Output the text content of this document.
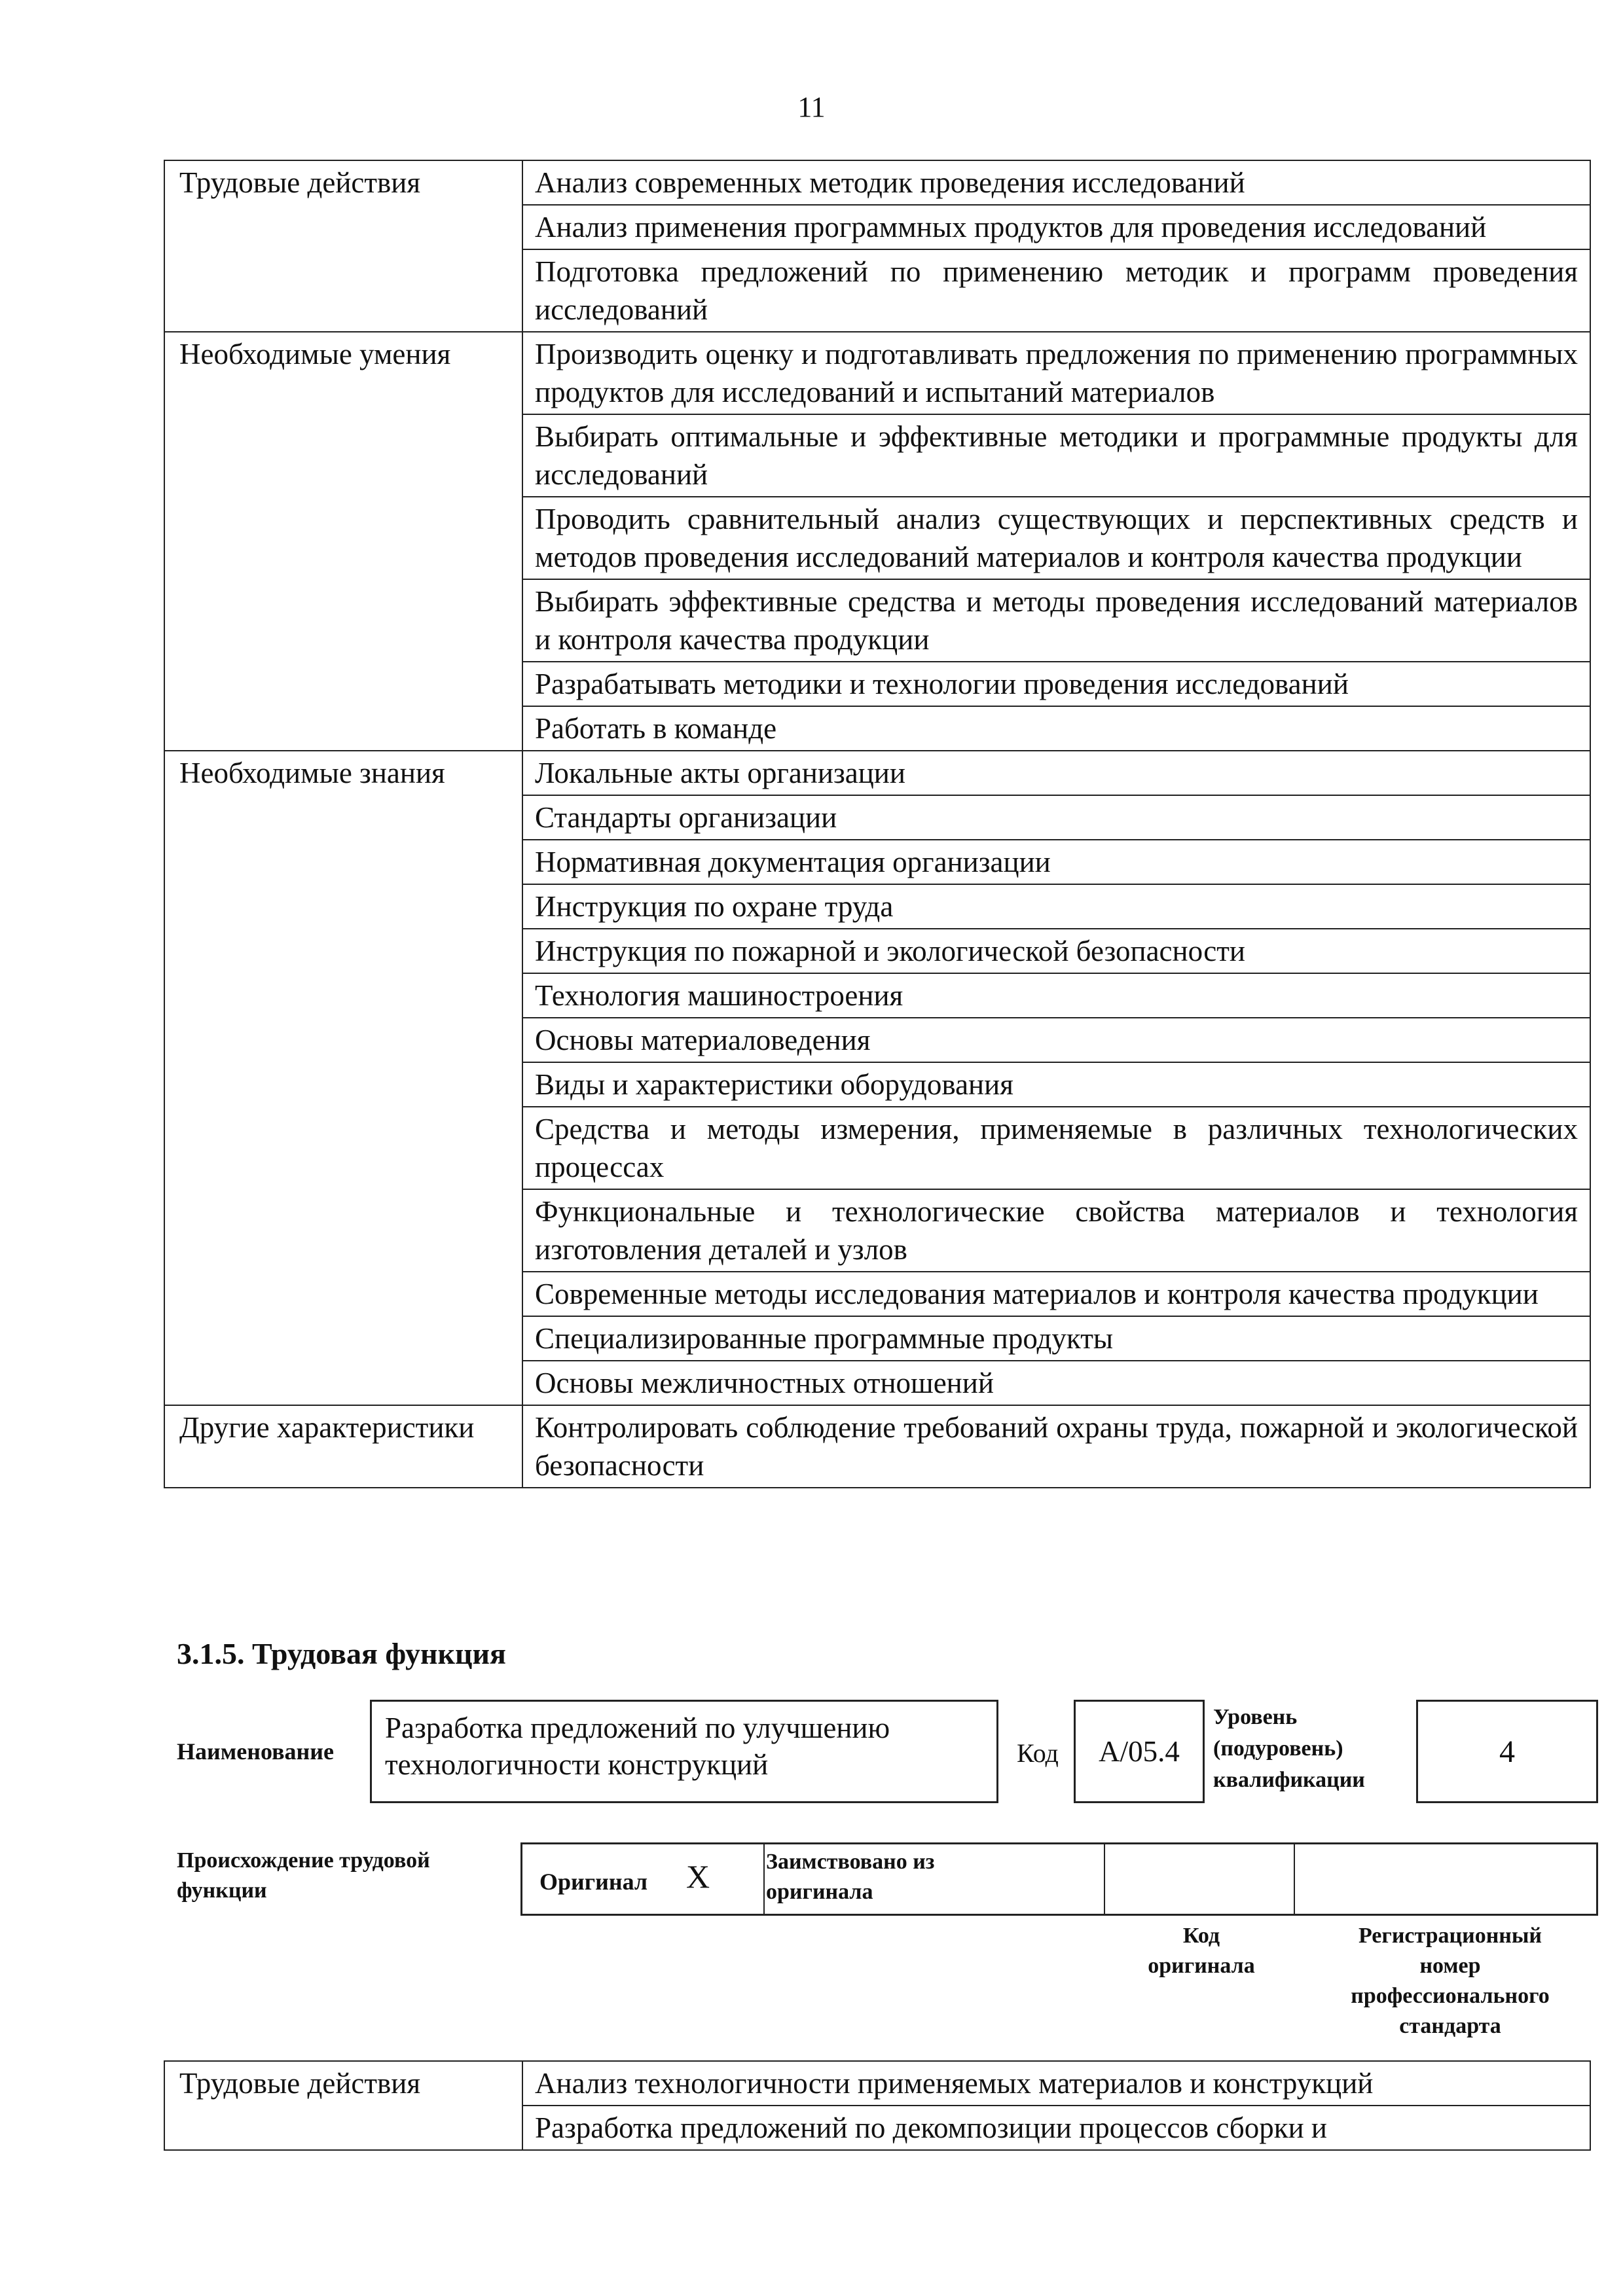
11
Трудовые действия	Анализ современных методик проведения исследований
	Анализ применения программных продуктов для проведения исследований
	Подготовка предложений по применению методик и программ проведения исследований
Необходимые умения	Производить оценку и подготавливать предложения по применению программных продуктов для исследований и испытаний материалов
	Выбирать оптимальные и эффективные методики и программные продукты для исследований
	Проводить сравнительный анализ существующих и перспективных средств и методов проведения исследований материалов и контроля качества продукции
	Выбирать эффективные средства и методы проведения исследований материалов и контроля качества продукции
	Разрабатывать методики и технологии проведения исследований
	Работать в команде
Необходимые знания	Локальные акты организации
	Стандарты организации
	Нормативная документация организации
	Инструкция по охране труда
	Инструкция по пожарной и экологической безопасности
	Технология машиностроения
	Основы материаловедения
	Виды и характеристики оборудования
	Средства и методы измерения, применяемые в различных технологических процессах
	Функциональные и технологические свойства материалов и технология изготовления деталей и узлов
	Современные методы исследования материалов и контроля качества продукции
	Специализированные программные продукты
	Основы межличностных отношений
Другие характеристики	Контролировать соблюдение требований охраны труда, пожарной и экологической безопасности
3.1.5. Трудовая функция
Наименование
Разработка предложений по улучшению технологичности конструкций	Код	A/05.4
Уровень
(подуровень)
квалификации
4
Происхождение трудовой
функции	Оригинал X	Заимствовано из
оригинала
Код
оригинала
Регистрационный
номер
профессионального
стандарта
Трудовые действия	Анализ технологичности применяемых материалов и конструкций
Разработка предложений по декомпозиции процессов сборки и
